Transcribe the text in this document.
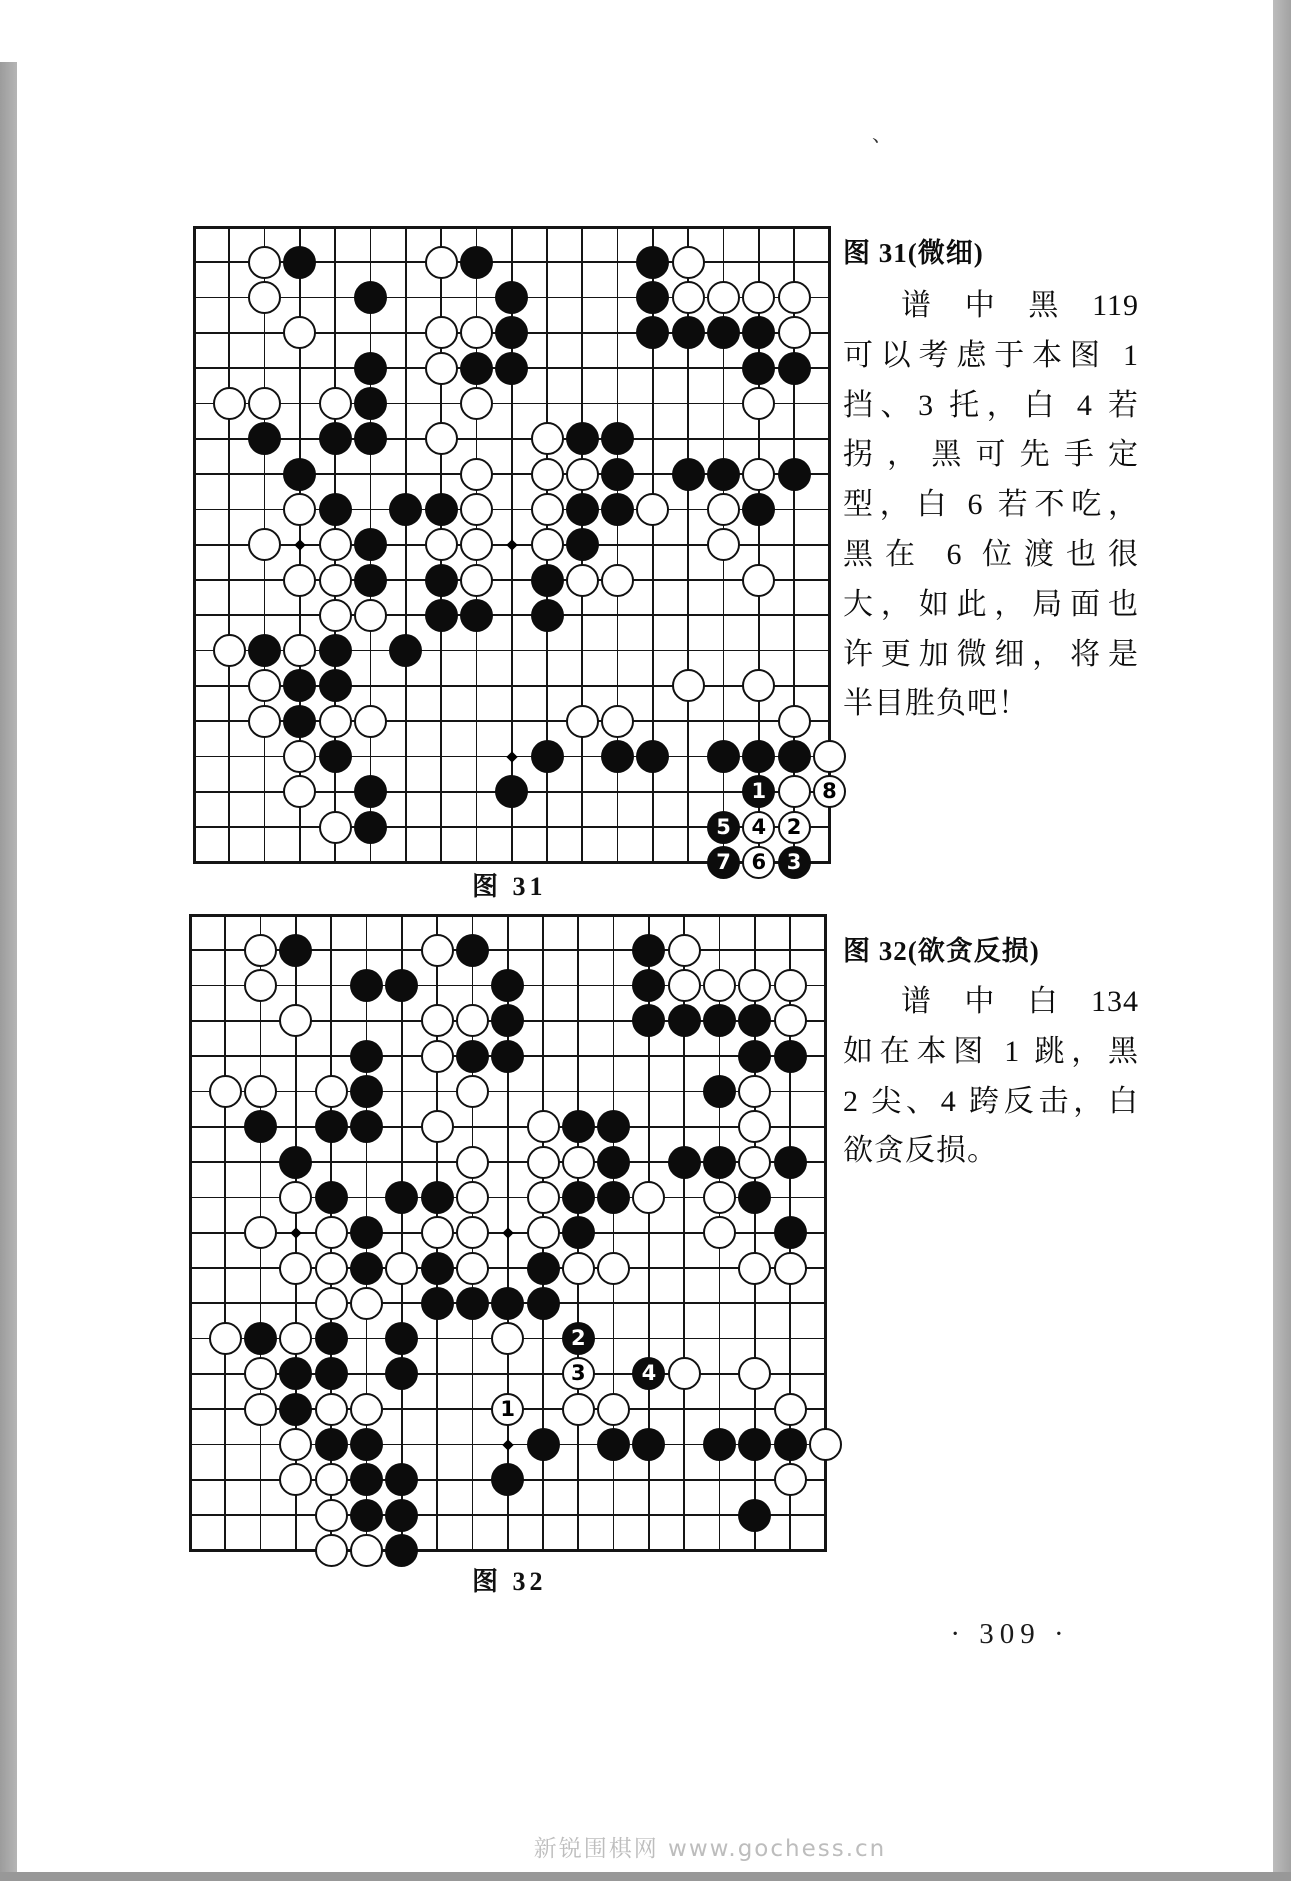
1
2
3
4
5
6
7
8
1
2
3	4
图 31
图 32
图 31(微细)
谱 中 黑 119
可以考虑于本图 1
挡、3 托，白 4 若
拐，黑可先手定
型，白 6 若不吃，
黑在 6 位渡也很
大，如此，局面也
许更加微细，将是
半目胜负吧！
图 32(欲贪反损)
谱 中 白 134
如在本图 1 跳，黑
2 尖、4 跨反击，白
欲贪反损。
· 309 ·
新锐围棋网 www.gochess.cn
、
